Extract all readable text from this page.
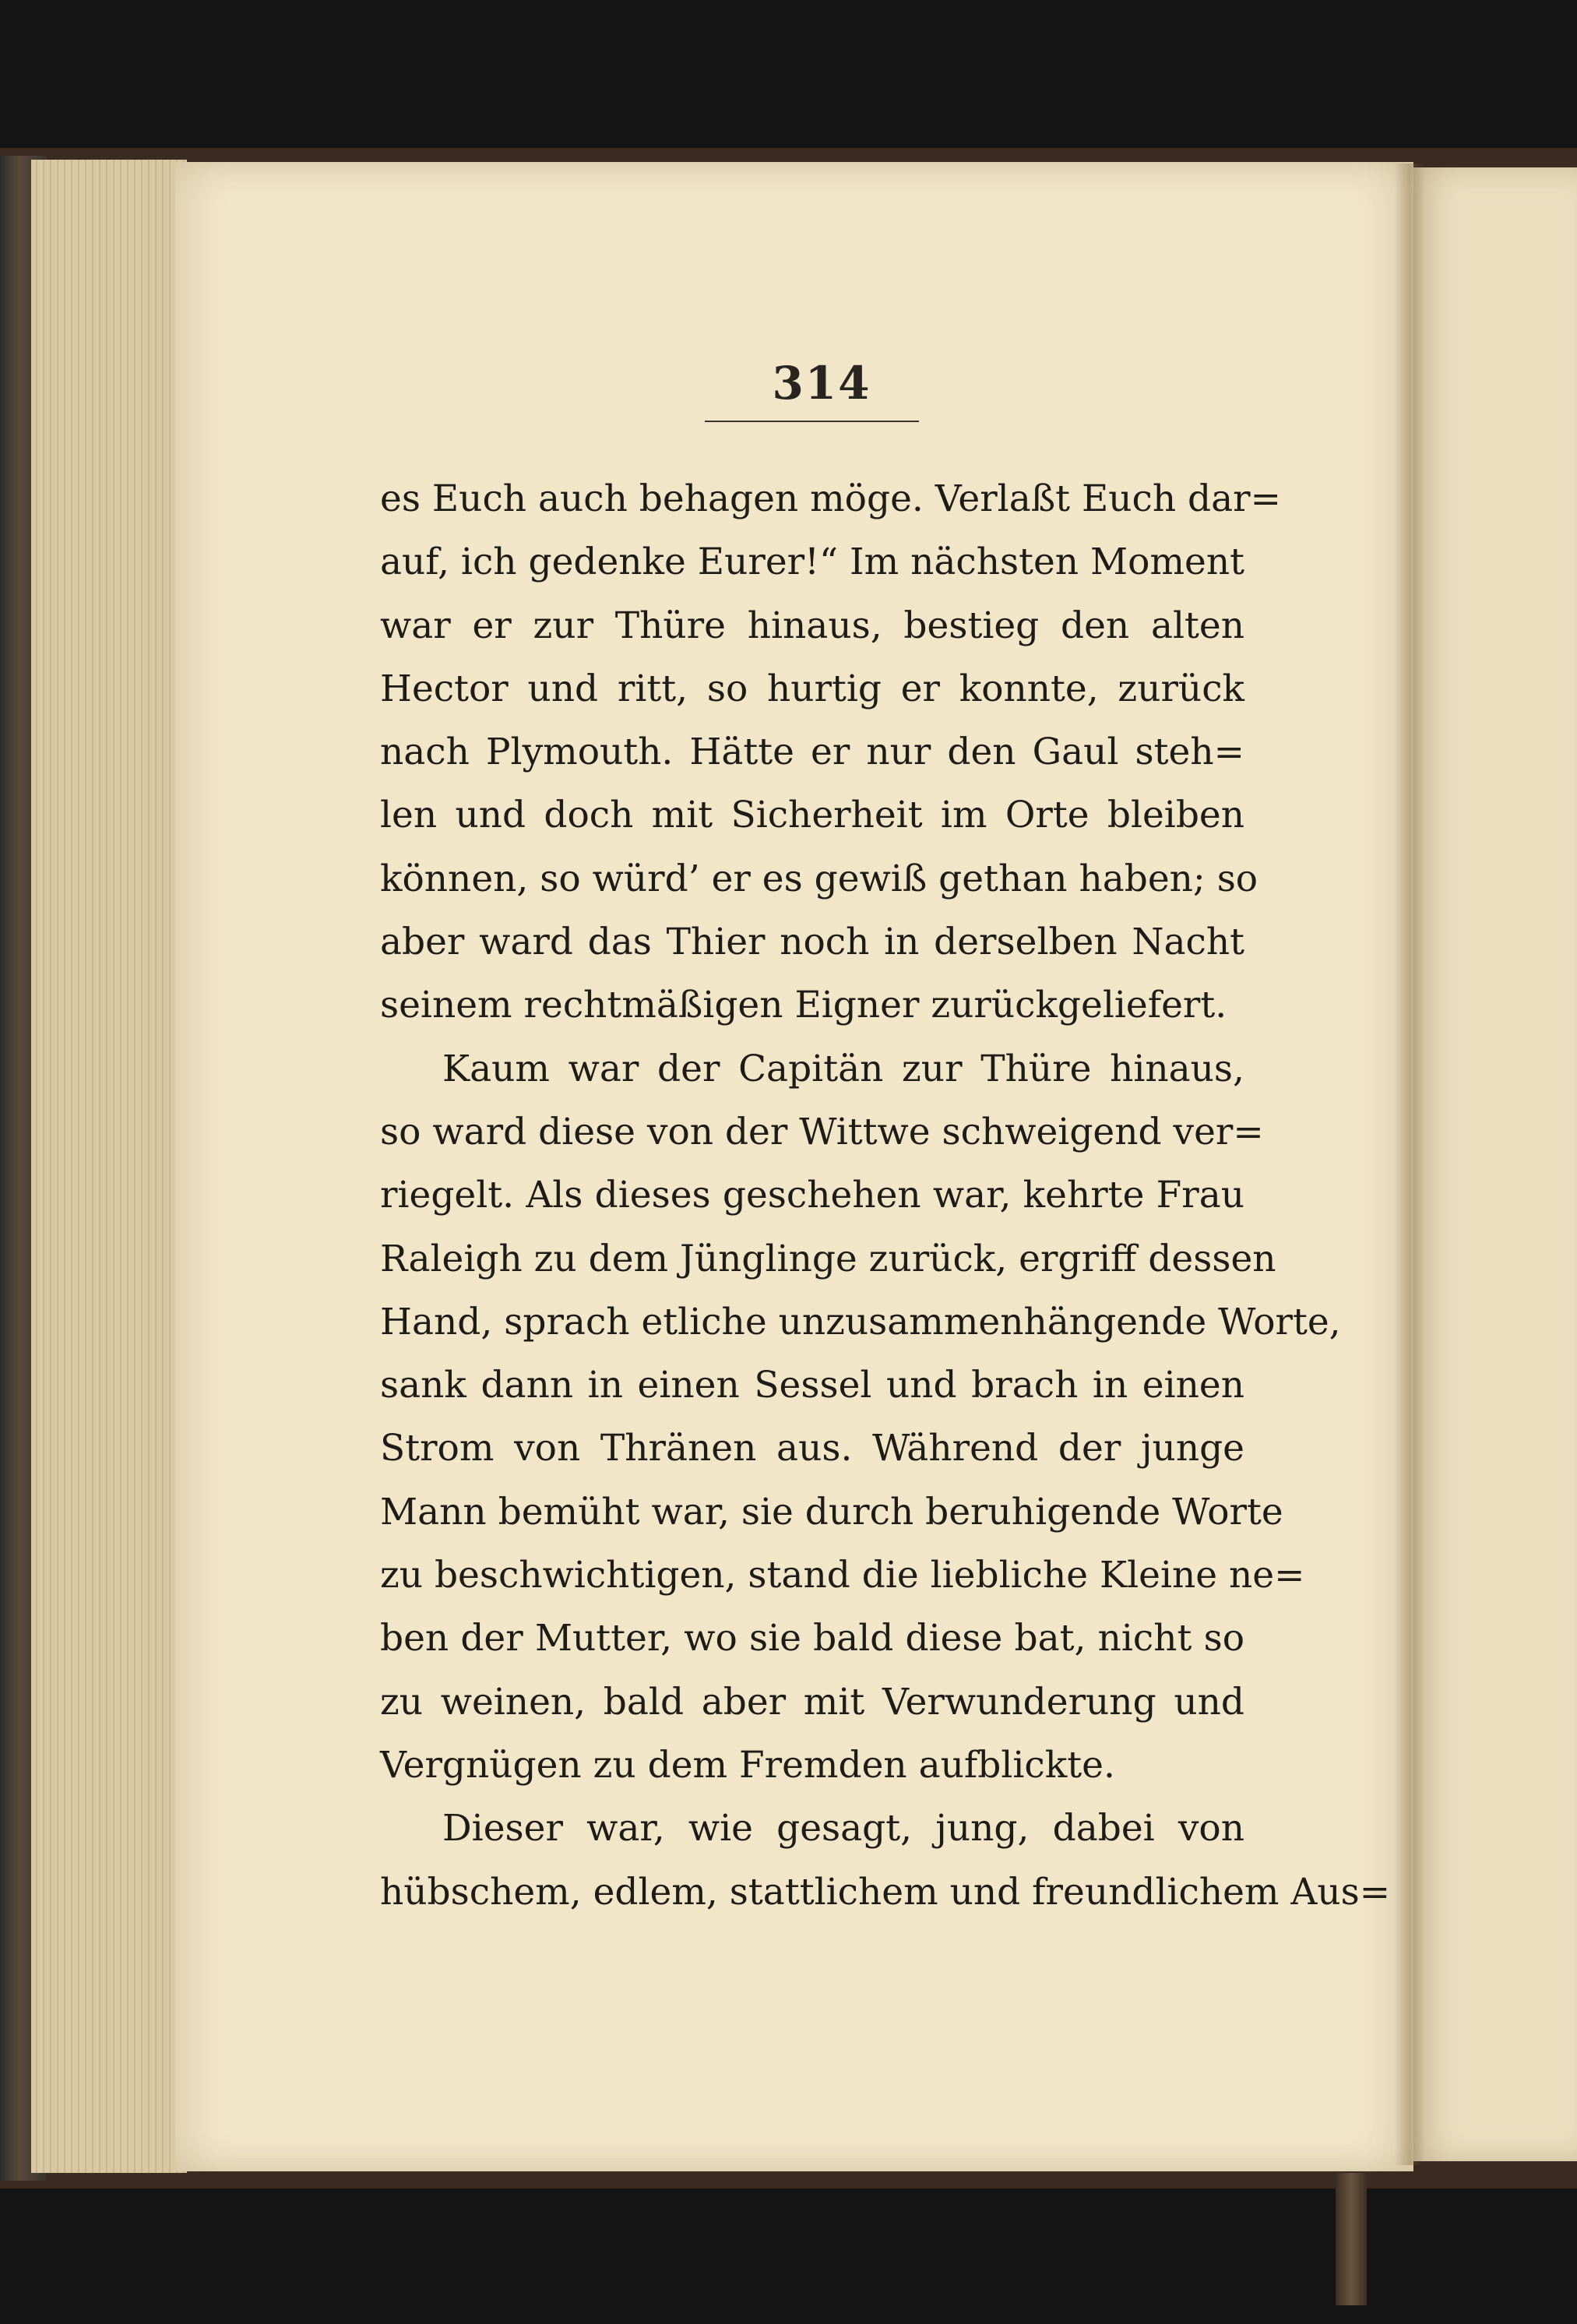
314
es Euch auch behagen möge. Verlaßt Euch dar=
auf, ich gedenke Eurer!“ Im nächsten Moment
war er zur Thüre hinaus, bestieg den alten
Hector und ritt, so hurtig er konnte, zurück
nach Plymouth. Hätte er nur den Gaul steh=
len und doch mit Sicherheit im Orte bleiben
können, so würd’ er es gewiß gethan haben; so
aber ward das Thier noch in derselben Nacht
seinem rechtmäßigen Eigner zurückgeliefert.
Kaum war der Capitän zur Thüre hinaus,
so ward diese von der Wittwe schweigend ver=
riegelt. Als dieses geschehen war, kehrte Frau
Raleigh zu dem Jünglinge zurück, ergriff dessen
Hand, sprach etliche unzusammenhängende Worte,
sank dann in einen Sessel und brach in einen
Strom von Thränen aus. Während der junge
Mann bemüht war, sie durch beruhigende Worte
zu beschwichtigen, stand die liebliche Kleine ne=
ben der Mutter, wo sie bald diese bat, nicht so
zu weinen, bald aber mit Verwunderung und
Vergnügen zu dem Fremden aufblickte.
Dieser war, wie gesagt, jung, dabei von
hübschem, edlem, stattlichem und freundlichem Aus=
